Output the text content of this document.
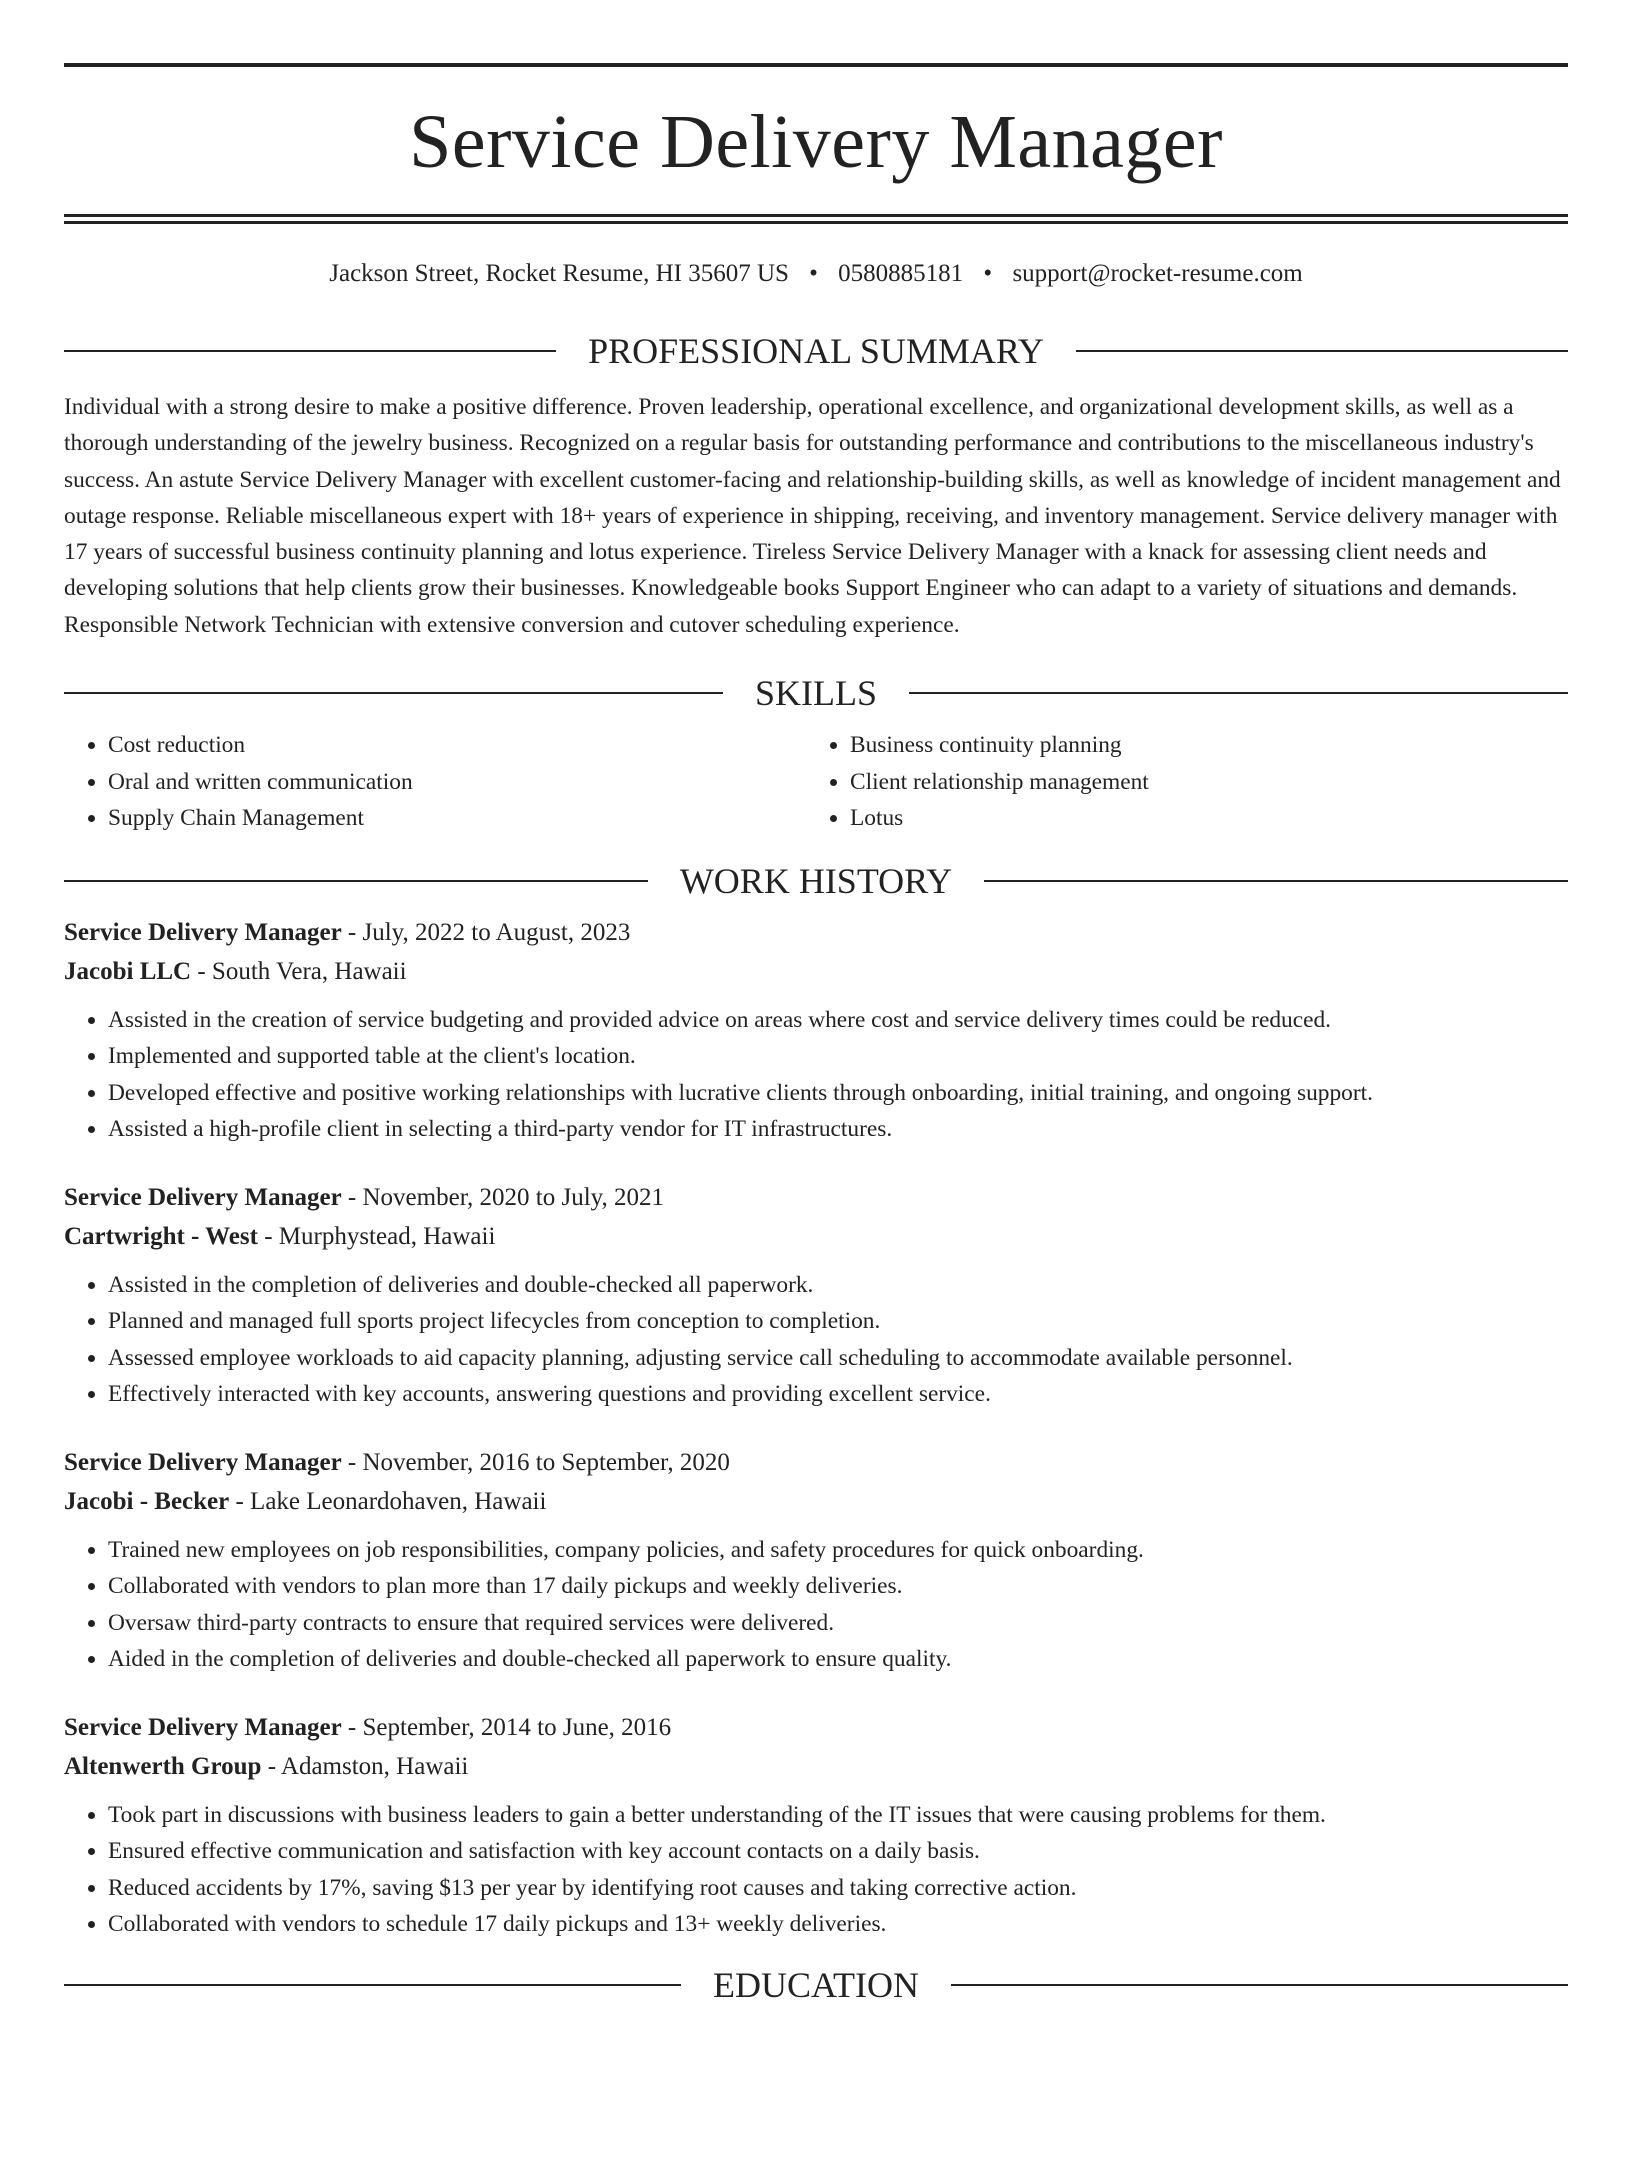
Service Delivery Manager
Jackson Street, Rocket Resume, HI 35607 US • 0580885181 • support@rocket-resume.com
PROFESSIONAL SUMMARY

Individual with a strong desire to make a positive difference. Proven leadership, operational excellence, and organizational development skills, as well as a thorough understanding of the jewelry business. Recognized on a regular basis for outstanding performance and contributions to the miscellaneous industry's success. An astute Service Delivery Manager with excellent customer-facing and relationship-building skills, as well as knowledge of incident management and outage response. Reliable miscellaneous expert with 18+ years of experience in shipping, receiving, and inventory management. Service delivery manager with 17 years of successful business continuity planning and lotus experience. Tireless Service Delivery Manager with a knack for assessing client needs and developing solutions that help clients grow their businesses. Knowledgeable books Support Engineer who can adapt to a variety of situations and demands. Responsible Network Technician with extensive conversion and cutover scheduling experience.

SKILLS
• Cost reduction
• Oral and written communication
• Supply Chain Management
• Business continuity planning
• Client relationship management
• Lotus
WORK HISTORY
Service Delivery Manager - July, 2022 to August, 2023
Jacobi LLC - South Vera, Hawaii
• Assisted in the creation of service budgeting and provided advice on areas where cost and service delivery times could be reduced.
• Implemented and supported table at the client's location.
• Developed effective and positive working relationships with lucrative clients through onboarding, initial training, and ongoing support.
• Assisted a high-profile client in selecting a third-party vendor for IT infrastructures.
Service Delivery Manager - November, 2020 to July, 2021
Cartwright - West - Murphystead, Hawaii
• Assisted in the completion of deliveries and double-checked all paperwork.
• Planned and managed full sports project lifecycles from conception to completion.
• Assessed employee workloads to aid capacity planning, adjusting service call scheduling to accommodate available personnel.
• Effectively interacted with key accounts, answering questions and providing excellent service.
Service Delivery Manager - November, 2016 to September, 2020
Jacobi - Becker - Lake Leonardohaven, Hawaii
• Trained new employees on job responsibilities, company policies, and safety procedures for quick onboarding.
• Collaborated with vendors to plan more than 17 daily pickups and weekly deliveries.
• Oversaw third-party contracts to ensure that required services were delivered.
• Aided in the completion of deliveries and double-checked all paperwork to ensure quality.
Service Delivery Manager - September, 2014 to June, 2016
Altenwerth Group - Adamston, Hawaii
• Took part in discussions with business leaders to gain a better understanding of the IT issues that were causing problems for them.
• Ensured effective communication and satisfaction with key account contacts on a daily basis.
• Reduced accidents by 17%, saving $13 per year by identifying root causes and taking corrective action.
• Collaborated with vendors to schedule 17 daily pickups and 13+ weekly deliveries.
EDUCATION
